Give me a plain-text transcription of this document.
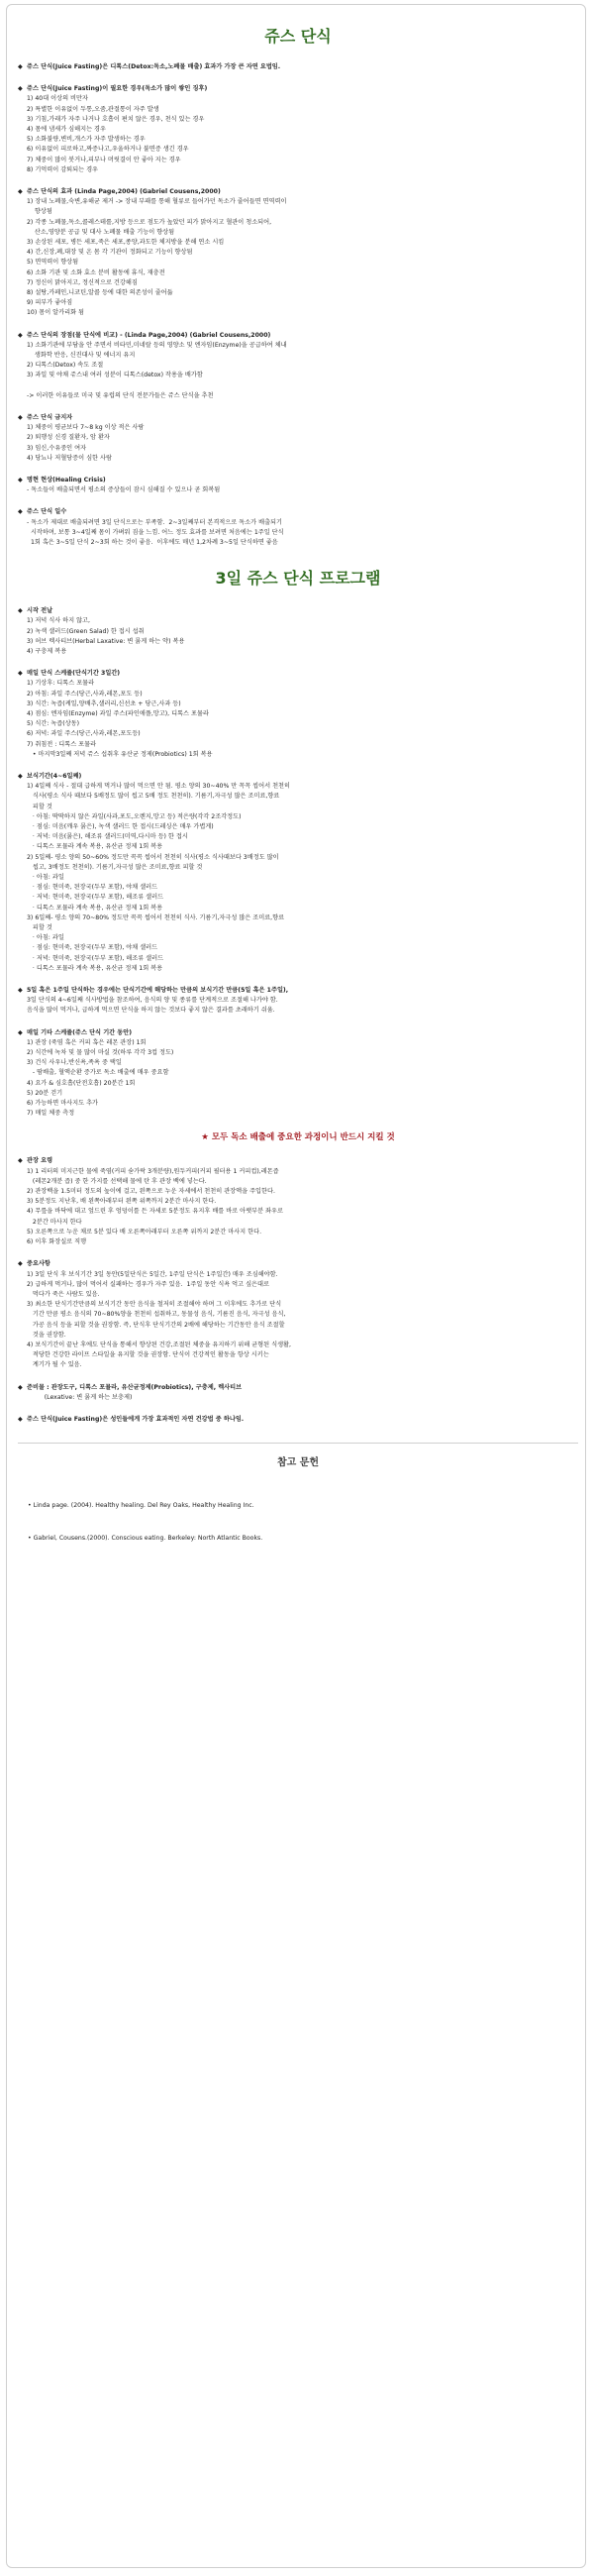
쥬스 단식
◆ 쥬스 단식(Juice Fasting)은 디톡스(Detox:독소,노폐물 배출) 효과가 가장 큰 자연 요법임.
◆ 쥬스 단식(Juice Fasting)이 필요한 경우(독소가 많이 쌓인 징후)
1) 40대 이상의 비만자
2) 특별한 이유없이 두통,오줌,관절통이 자주 발생
3) 기침,가래가 자주 나거나 호흡이 편치 않은 경우, 천식 있는 경우
4) 몸에 냄새가 심해지는 경우
5) 소화불량,변비,개스가 자주 발생하는 경우
6) 이유없이 피로하고,짜증나고,우울하거나 불면증 생긴 경우
7) 체중이 많이 붓거나,피부나 머릿결이 안 좋아 지는 경우
8) 기억력이 감퇴되는 경우
◆ 쥬스 단식의 효과 (Linda Page,2004) (Gabriel Cousens,2000)
1) 장내 노폐물,숙변,유해균 제거 -> 장내 부패를 통해 혈류로 들어가던 독소가 줄어들면 면역력이
향상됨
2) 각종 노폐물,독소,콜레스테롤,지방 등으로 점도가 높았던 피가 맑아지고 혈관이 청소되어,
산소,영양분 공급 및 대사 노폐물 배출 기능이 향상됨
3) 손상된 세포, 병든 세포,죽은 세포,종양,과도한 체지방을 분해 연소 시킴
4) 간,신장,폐,대장 및 온 몸 각 기관이 정화되고 기능이 향상됨
5) 면역력이 향상됨
6) 소화 기관 및 소화 효소 분비 활동에 휴식, 재충전
7) 정신이 맑아지고, 정신적으로 건강해짐
8) 설탕,카페인,니코틴,알콜 등에 대한 의존성이 줄어듦
9) 피부가 좋아짐
10) 몸이 알카리화 됨
◆ 쥬스 단식의 장점(물 단식에 비교) - (Linda Page,2004) (Gabriel Cousens,2000)
1) 소화기관에 부담을 안 주면서 비타민,미네랄 등의 영양소 및 엔자임(Enzyme)을 공급하여 체내
생화학 반응, 신진대사 및 에너지 유지
2) 디톡스(Detox) 속도 조절
3) 과일 및 야채 쥬스내 여러 성분이 디톡스(detox) 작용을 배가함
-> 이러한 이유들로 미국 및 유럽의 단식 전문가들은 쥬스 단식을 추천
◆ 쥬스 단식 금지자
1) 체중이 평균보다 7~8 kg 이상 적은 사람
2) 퇴행성 신경 질환자, 암 환자
3) 임신,수유중인 여자
4) 당뇨나 저혈당증이 심한 사람
◆ 명현 현상(Healing Crisis)
- 독소들이 배출되면서 평소의 증상들이 잠시 심해질 수 있으나 곧 회복됨
◆ 쥬스 단식 일수
- 독소가 제대로 배출되려면 3일 단식으로는 부족함.  2~3일째부터 본격적으로 독소가 배출되기
시작하며, 보통 3~4일째 몸이 가벼워 짐을 느낌. 어느 정도 효과를 보려면 처음에는 1주일 단식
1회 혹은 3~5일 단식 2~3회 하는 것이 좋음.  이후에도 매년 1,2차례 3~5일 단식하면 좋음
3일 쥬스 단식 프로그램
◆ 시작 전날
1) 저녁 식사 하지 않고,
2) 녹색 샐러드(Green Salad) 한 접시 섭취
3) 허브 렉사티브(Herbal Laxative: 변 묽게 하는 약) 복용
4) 구충제 복용
◆ 매일 단식 스케쥴(단식기간 3일간)
1) 기상후: 디톡스 포뮬라
2) 아침: 과일 주스(당근,사과,레몬,포도 등)
3) 식간: 녹즙(케일,양배추,샐러리,신선초 + 당근,사과 등)
4) 점심: 엔자임(Enzyme) 과일 주스(파인애플,망고), 디톡스 포뮬라
5) 식간: 녹즙(상동)
6) 저녁: 과일 주스(당근,사과,레몬,포도등)
7) 취침전 : 디톡스 포뮬라
• 마지막3일째 저녁 쥬스 섭취후 유산균 정제(Probiotics) 1회 복용
◆ 보식기간(4~6일째)
1) 4일째 식사 - 절대 급하게 먹거나 많이 먹으면 안 됨. 평소 양의 30~40% 만 꼭꼭 씹어서 천천히
식사(평소 식사 때보다 5배정도 많이 씹고 5배 정도 천천히). 기름기,자극성 많은 조미료,향료
피할 것
· 아침: 딱딱하지 않은 과일(사과,포도,오렌지,망고 등) 적은량(각각 2조각정도)
· 점심: 미음(깨우 묽은), 녹색 샐러드 한 접시(드레싱은 매우 가볍게)
· 저녁: 미음(묽은), 해조류 샐러드(미역,다시마 등) 한 접시
· 디톡스 포뮬라 계속 복용, 유산균 정제 1회 복용
2) 5일째- 평소 양의 50~60% 정도만 꼭꼭 씹어서 천천히 식사(평소 식사때보다 3배정도 많이
씹고, 3배정도 천천히). 기름기,자극성 많은 조미료,향료 피할 것
· 아침: 과일
· 점심: 현미죽, 된장국(두부 포함), 야채 샐러드
· 저녁: 현미죽, 된장국(두부 포함), 해조류 샐러드
· 디톡스 포뮬라 계속 복용, 유산균 정제 1회 복용
3) 6일째- 평소 양의 70~80% 정도만 꼭꼭 씹어서 천천히 식사. 기름기,자극성 많은 조미료,향료
피할 것
· 아침: 과일
· 점심: 현미죽, 된장국(두부 포함), 야채 샐러드
· 저녁: 현미죽, 된장국(두부 포함), 해조류 샐러드
· 디톡스 포뮬라 계속 복용, 유산균 정제 1회 복용
◆ 5일 혹은 1주일 단식하는 경우에는 단식기간에 해당하는 만큼의 보식기간 만큼(5일 혹은 1주일),
3일 단식의 4~6일째 식사방법을 참조하여, 음식의 양 및 종류를 단계적으로 조절해 나가야 함.
음식을 많이 먹거나, 급하게 먹으면 단식을 하지 않는 것보다 좋지 않은 결과를 초래하기 쉬움.
◆ 매일 기타 스케쥴(쥬스 단식 기간 동안)
1) 관장 (죽염 혹은 커피 혹은 레몬 관장) 1회
2) 식간에 녹차 및 물 많이 마실 것(하루 각각 3컵 정도)
3) 건식 사우나,반신욕,족욕 중 택일
- 땀배출, 혈액순환 증가로 독소 배출에 매우 중요함
4) 요가 & 심호흡(단전호흡) 20분간 1회
5) 20분 걷기
6) 가능하면 마사지도 추가
7) 매일 체중 측정
★ 모두 독소 배출에 중요한 과정이니 반드시 지킬 것
◆ 관장 요령
1) 1 리터의 미지근한 물에 죽염(커피 숟가락 3개분량),원두커피(커피 필터용 1 커피컵),레몬즙
(레몬2개분 즙) 중 한 가지를 선택해 물에 탄 후 관장 백에 넣는다.
2) 관장백을 1.5미터 정도의 높이에 걸고, 왼쪽으로 누운 자세에서 천천히 관장액을 주입한다.
3) 5분정도 지난후, 배 왼쪽아래부터 왼쪽 위쪽까지 2분간 마사지 한다.
4) 무릎을 바닥에 대고 엎드린 후 엉덩이를 든 자세로 5분정도 유지후 배를 바로 아랫부분 좌우로
2분간 마사지 한다
5) 오른쪽으로 누운 채로 5분 있다 배 오른쪽아래부터 오른쪽 위까지 2분간 마사지 한다.
6) 이후 화장실로 직행
◆ 중요사항
1) 3일 단식 후 보식기간 3일 동안(5일단식은 5일간, 1주일 단식은 1주일간) 매우 조심해야함.
2) 급하게 먹거나, 많이 먹어서 실패하는 경우가 자주 있음.  1주일 동안 식욕 억고 싶은대로
먹다가 죽은 사람도 있음.
3) 최소한 단식기간만큼의 보식기간 동안 음식을 철저히 조절해야 하며 그 이후에도 추가로 단식
기간 만큼 평소 음식의 70~80%양을 천천히 섭취하고, 동물성 음식, 기름진 음식, 자극성 음식,
가공 음식 등을 피할 것을 권장함. 즉, 단식후 단식기간의 2배에 해당하는 기간동안 음식 조절할
것을 권장함.
4) 보식기간이 끝난 후에도 단식을 통해서 향상된 건강,조절된 체중을 유지하기 위해 균형된 식생활,
적당한 건강한 라이프 스타일을 유지할 것을 권장함. 단식이 건강적인 활동을 항상 시키는
계기가 될 수 있음.
◆ 준비물 : 관장도구, 디톡스 포뮬라, 유산균정제(Probiotics), 구충제, 렉사티브
(Lexative: 변 묽게 하는 보충제)
◆ 쥬스 단식(Juice Fasting)은 성인들에게 가장 효과적인 자연 건강법 중 하나임.
참고 문헌

• Linda page. (2004). Healthy healing. Del Rey Oaks, Healthy Healing Inc.

• Gabriel, Cousens.(2000). Conscious eating. Berkeley: North Atlantic Books.
